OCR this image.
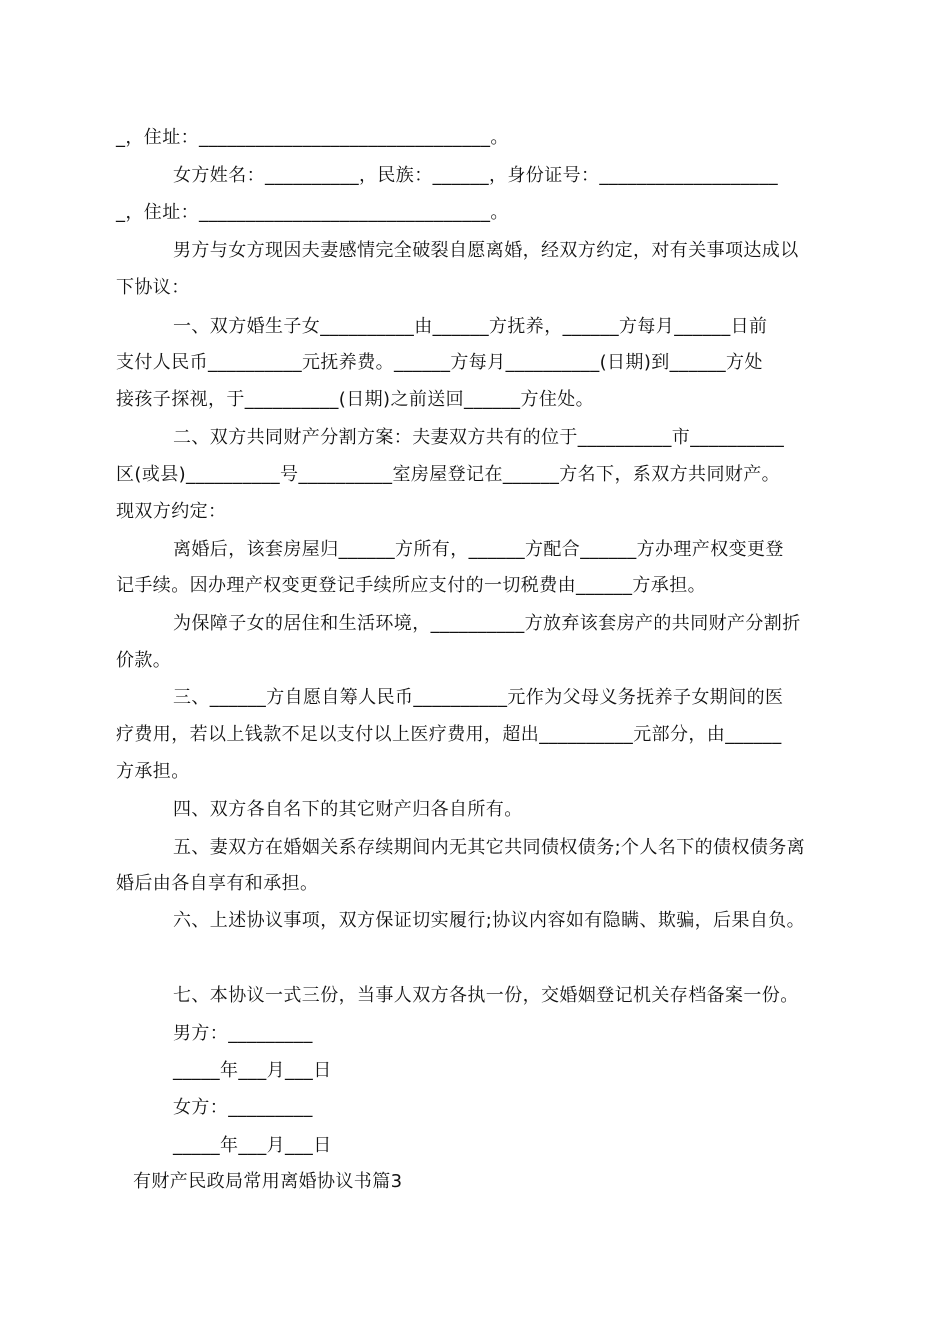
_，住址：_______________________________。
女方姓名：__________，民族：______，身份证号：___________________
_，住址：_______________________________。
男方与女方现因夫妻感情完全破裂自愿离婚，经双方约定，对有关事项达成以
下协议：
一、双方婚生子女__________由______方抚养，______方每月______日前
支付人民币__________元抚养费。______方每月__________(日期)到______方处
接孩子探视，于__________(日期)之前送回______方住处。
二、双方共同财产分割方案：夫妻双方共有的位于__________市__________
区(或县)__________号__________室房屋登记在______方名下，系双方共同财产。
现双方约定：
离婚后，该套房屋归______方所有，______方配合______方办理产权变更登
记手续。因办理产权变更登记手续所应支付的一切税费由______方承担。
为保障子女的居住和生活环境，__________方放弃该套房产的共同财产分割折
价款。
三、______方自愿自筹人民币__________元作为父母义务抚养子女期间的医
疗费用，若以上钱款不足以支付以上医疗费用，超出__________元部分，由______
方承担。
四、双方各自名下的其它财产归各自所有。
五、妻双方在婚姻关系存续期间内无其它共同债权债务;个人名下的债权债务离
婚后由各自享有和承担。
六、上述协议事项，双方保证切实履行;协议内容如有隐瞒、欺骗，后果自负。
七、本协议一式三份，当事人双方各执一份，交婚姻登记机关存档备案一份。
男方：_________
_____年___月___日
女方：_________
_____年___月___日
有财产民政局常用离婚协议书篇3
